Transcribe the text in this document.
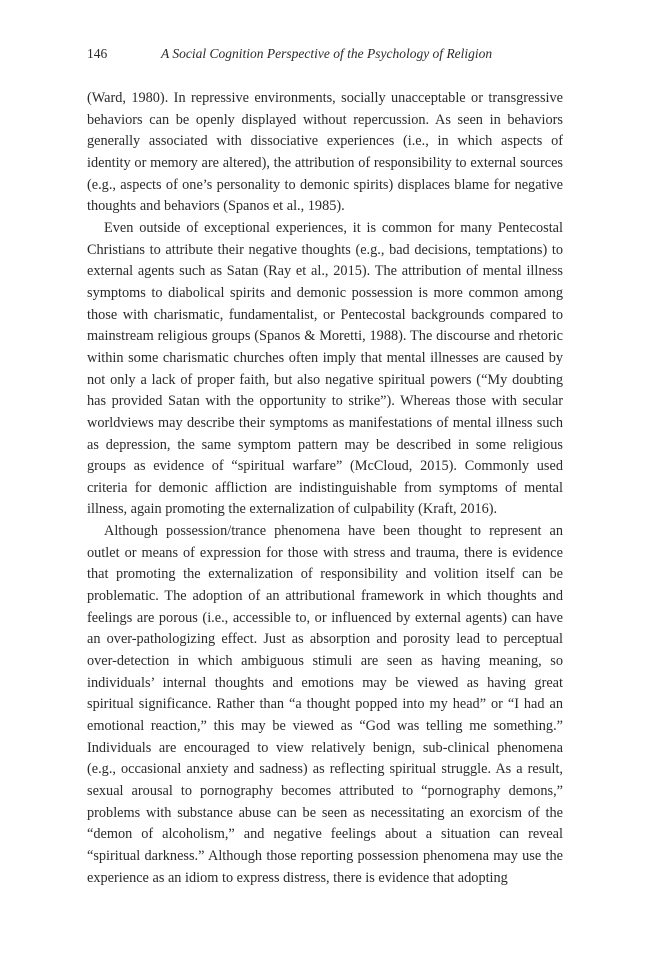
146	A Social Cognition Perspective of the Psychology of Religion

(Ward, 1980). In repressive environments, socially unacceptable or transgressive behaviors can be openly displayed without repercussion. As seen in behaviors generally associated with dissociative experiences (i.e., in which aspects of identity or memory are altered), the attribution of responsibility to external sources (e.g., aspects of one’s personality to demonic spirits) displaces blame for negative thoughts and behaviors (Spanos et al., 1985).

Even outside of exceptional experiences, it is common for many Pentecostal Christians to attribute their negative thoughts (e.g., bad decisions, temptations) to external agents such as Satan (Ray et al., 2015). The attribution of mental illness symptoms to diabolical spirits and demonic possession is more common among those with charismatic, fundamentalist, or Pentecostal backgrounds compared to mainstream religious groups (Spanos & Moretti, 1988). The discourse and rhetoric within some charismatic churches often imply that mental illnesses are caused by not only a lack of proper faith, but also negative spiritual powers (“My doubting has provided Satan with the opportunity to strike”). Whereas those with secular worldviews may describe their symptoms as manifestations of mental illness such as depression, the same symptom pattern may be described in some religious groups as evidence of “spiritual warfare” (McCloud, 2015). Commonly used criteria for demonic affliction are indistinguishable from symptoms of mental illness, again promoting the externalization of culpability (Kraft, 2016).

Although possession/trance phenomena have been thought to represent an outlet or means of expression for those with stress and trauma, there is evidence that promoting the externalization of responsibility and volition itself can be problematic. The adoption of an attributional framework in which thoughts and feelings are porous (i.e., accessible to, or influenced by external agents) can have an over-pathologizing effect. Just as absorption and porosity lead to perceptual over-detection in which ambiguous stimuli are seen as having meaning, so individuals’ internal thoughts and emotions may be viewed as having great spiritual significance. Rather than “a thought popped into my head” or “I had an emotional reaction,” this may be viewed as “God was telling me something.” Individuals are encouraged to view relatively benign, sub-clinical phenomena (e.g., occasional anxiety and sadness) as reflecting spiritual struggle. As a result, sexual arousal to pornography becomes attributed to “pornography demons,” problems with substance abuse can be seen as necessitating an exorcism of the “demon of alcoholism,” and negative feelings about a situation can reveal “spiritual darkness.” Although those reporting possession phenomena may use the experience as an idiom to express distress, there is evidence that adopting
